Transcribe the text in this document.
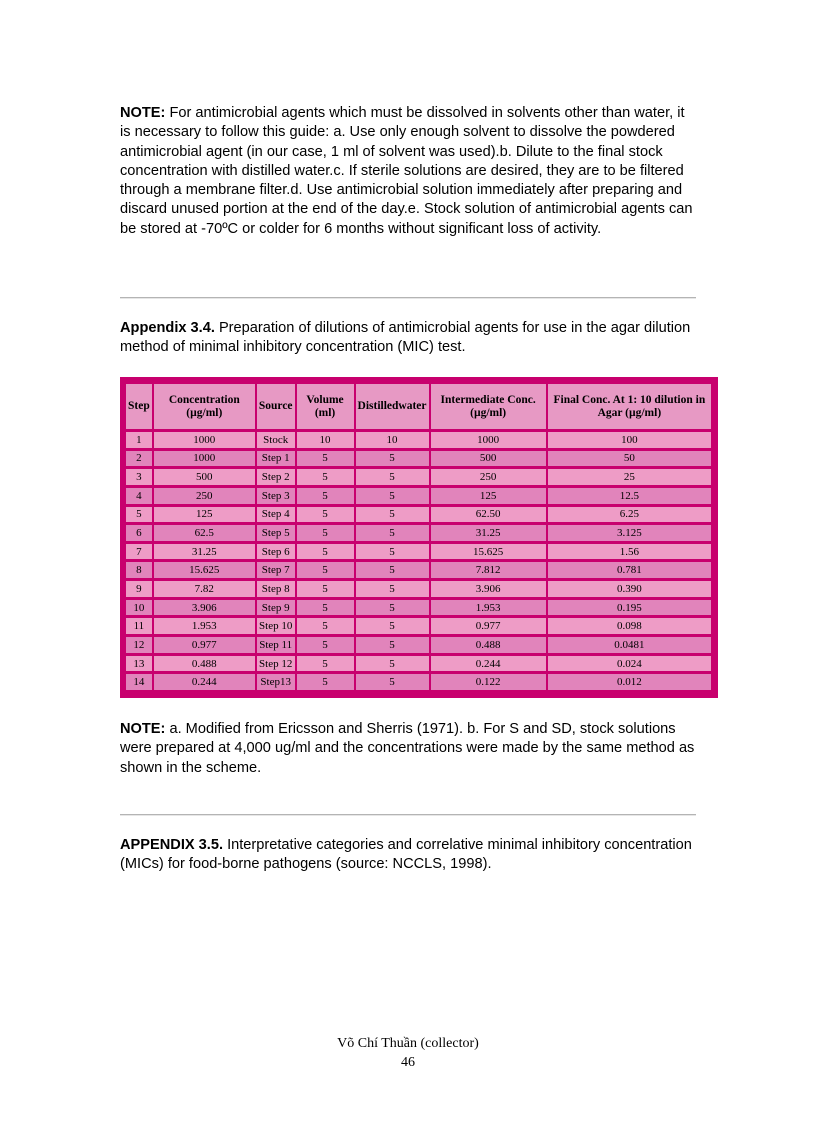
NOTE: For antimicrobial agents which must be dissolved in solvents other than water, it is necessary to follow this guide: a. Use only enough solvent to dissolve the powdered antimicrobial agent (in our case, 1 ml of solvent was used).b. Dilute to the final stock concentration with distilled water.c. If sterile solutions are desired, they are to be filtered through a membrane filter.d. Use antimicrobial solution immediately after preparing and discard unused portion at the end of the day.e. Stock solution of antimicrobial agents can be stored at -70ºC or colder for 6 months without significant loss of activity.
Appendix 3.4. Preparation of dilutions of antimicrobial agents for use in the agar dilution method of minimal inhibitory concentration (MIC) test.
Step	Concentration (µg/ml)	Source	Volume (ml)	Distilledwater	Intermediate Conc. (µg/ml)	Final Conc. At 1: 10 dilution in Agar (µg/ml)
1	1000	Stock	10	10	1000	100
2	1000	Step 1	5	5	500	50
3	500	Step 2	5	5	250	25
4	250	Step 3	5	5	125	12.5
5	125	Step 4	5	5	62.50	6.25
6	62.5	Step 5	5	5	31.25	3.125
7	31.25	Step 6	5	5	15.625	1.56
8	15.625	Step 7	5	5	7.812	0.781
9	7.82	Step 8	5	5	3.906	0.390
10	3.906	Step 9	5	5	1.953	0.195
11	1.953	Step 10	5	5	0.977	0.098
12	0.977	Step 11	5	5	0.488	0.0481
13	0.488	Step 12	5	5	0.244	0.024
14	0.244	Step13	5	5	0.122	0.012
NOTE: a. Modified from Ericsson and Sherris (1971). b. For S and SD, stock solutions were prepared at 4,000 ug/ml and the concentrations were made by the same method as shown in the scheme.
APPENDIX 3.5. Interpretative categories and correlative minimal inhibitory concentration (MICs) for food-borne pathogens (source: NCCLS, 1998).
Võ Chí Thuần (collector)
46
